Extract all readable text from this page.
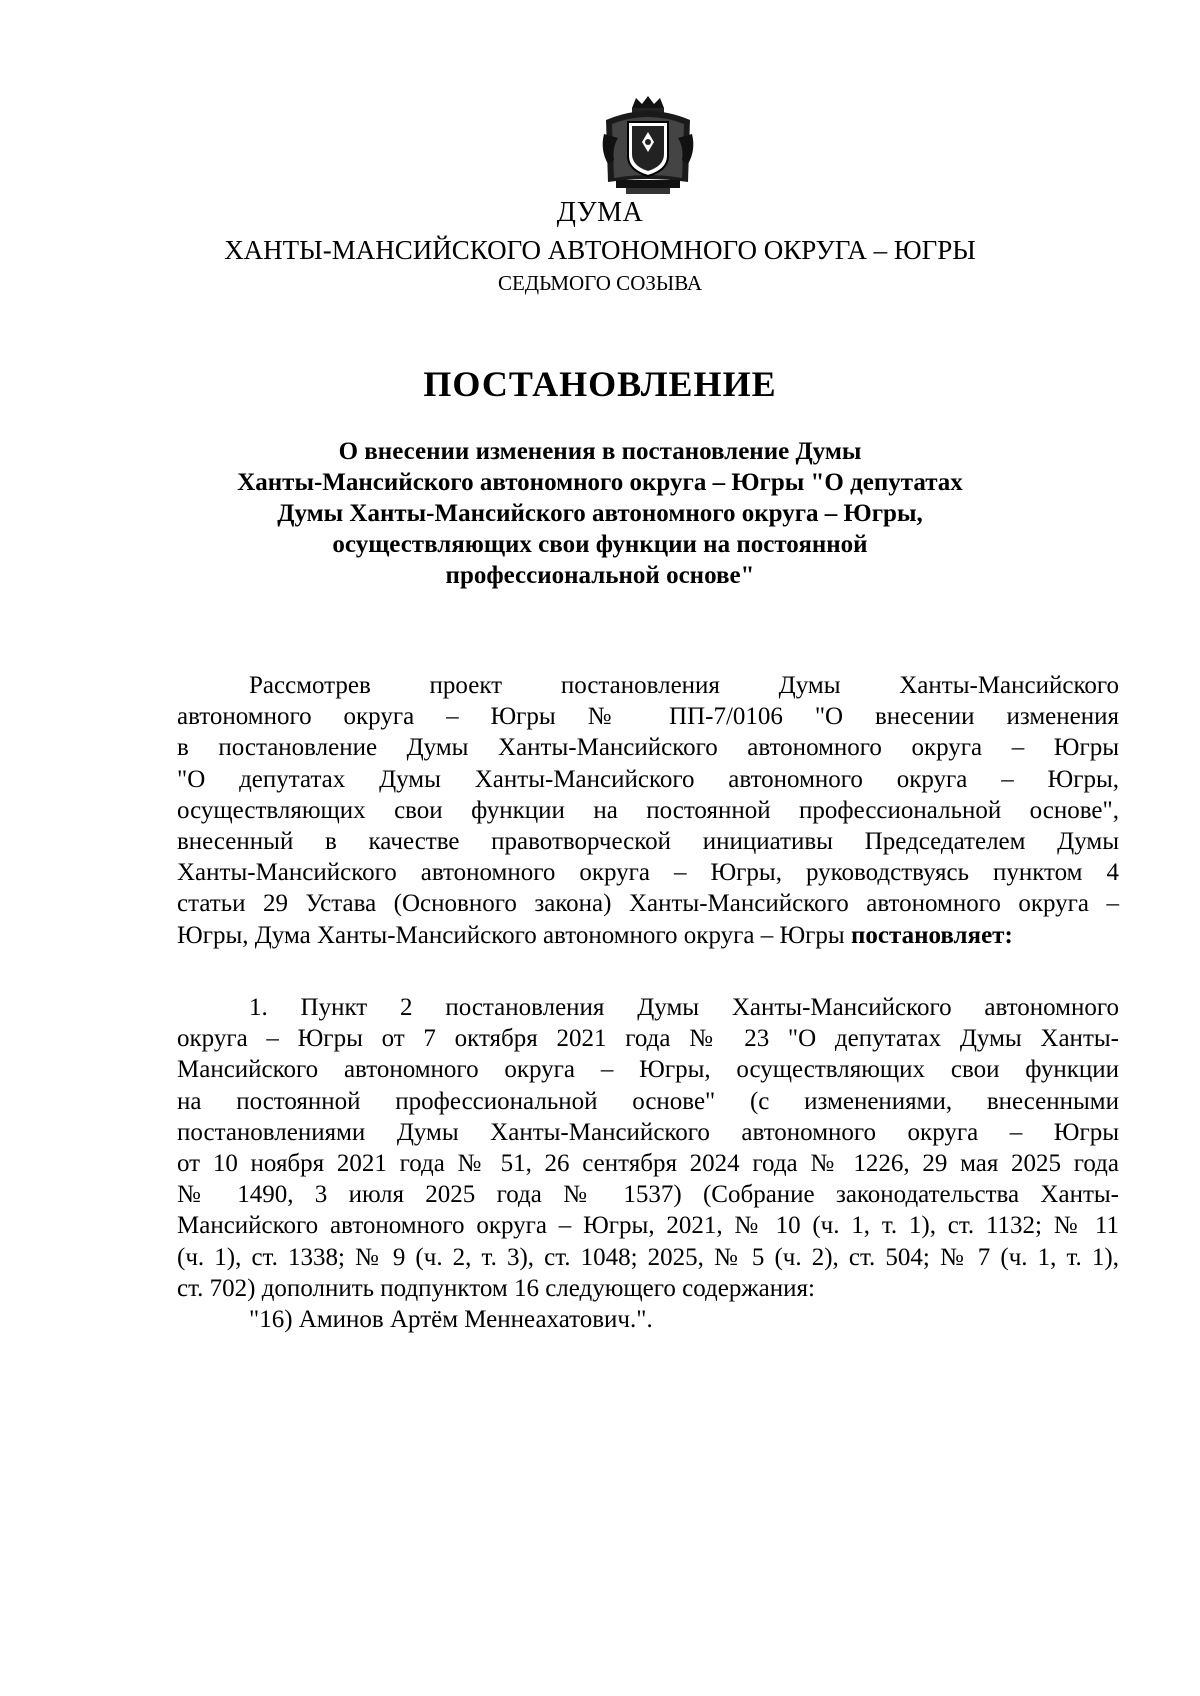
ДУМА
ХАНТЫ-МАНСИЙСКОГО АВТОНОМНОГО ОКРУГА – ЮГРЫ
СЕДЬМОГО СОЗЫВА
ПОСТАНОВЛЕНИЕ
О внесении изменения в постановление Думы
Ханты-Мансийского автономного округа – Югры "О депутатах
Думы Ханты-Мансийского автономного округа – Югры,
осуществляющих свои функции на постоянной
профессиональной основе"
Рассмотрев проект постановления Думы Ханты-Мансийского
автономного округа – Югры № ПП-7/0106 "О внесении изменения
в постановление Думы Ханты-Мансийского автономного округа – Югры
"О депутатах Думы Ханты-Мансийского автономного округа – Югры,
осуществляющих свои функции на постоянной профессиональной основе",
внесенный в качестве правотворческой инициативы Председателем Думы
Ханты-Мансийского автономного округа – Югры, руководствуясь пунктом 4
статьи 29 Устава (Основного закона) Ханты-Мансийского автономного округа –
Югры, Дума Ханты-Мансийского автономного округа – Югры постановляет:
1. Пункт 2 постановления Думы Ханты-Мансийского автономного
округа – Югры от 7 октября 2021 года № 23 "О депутатах Думы Ханты-
Мансийского автономного округа – Югры, осуществляющих свои функции
на постоянной профессиональной основе" (с изменениями, внесенными
постановлениями Думы Ханты-Мансийского автономного округа – Югры
от 10 ноября 2021 года № 51, 26 сентября 2024 года № 1226, 29 мая 2025 года
№ 1490, 3 июля 2025 года № 1537) (Собрание законодательства Ханты-
Мансийского автономного округа – Югры, 2021, № 10 (ч. 1, т. 1), ст. 1132; № 11
(ч. 1), ст. 1338; № 9 (ч. 2, т. 3), ст. 1048; 2025, № 5 (ч. 2), ст. 504; № 7 (ч. 1, т. 1),
ст. 702) дополнить подпунктом 16 следующего содержания:
"16) Аминов Артём Меннеахатович.".
